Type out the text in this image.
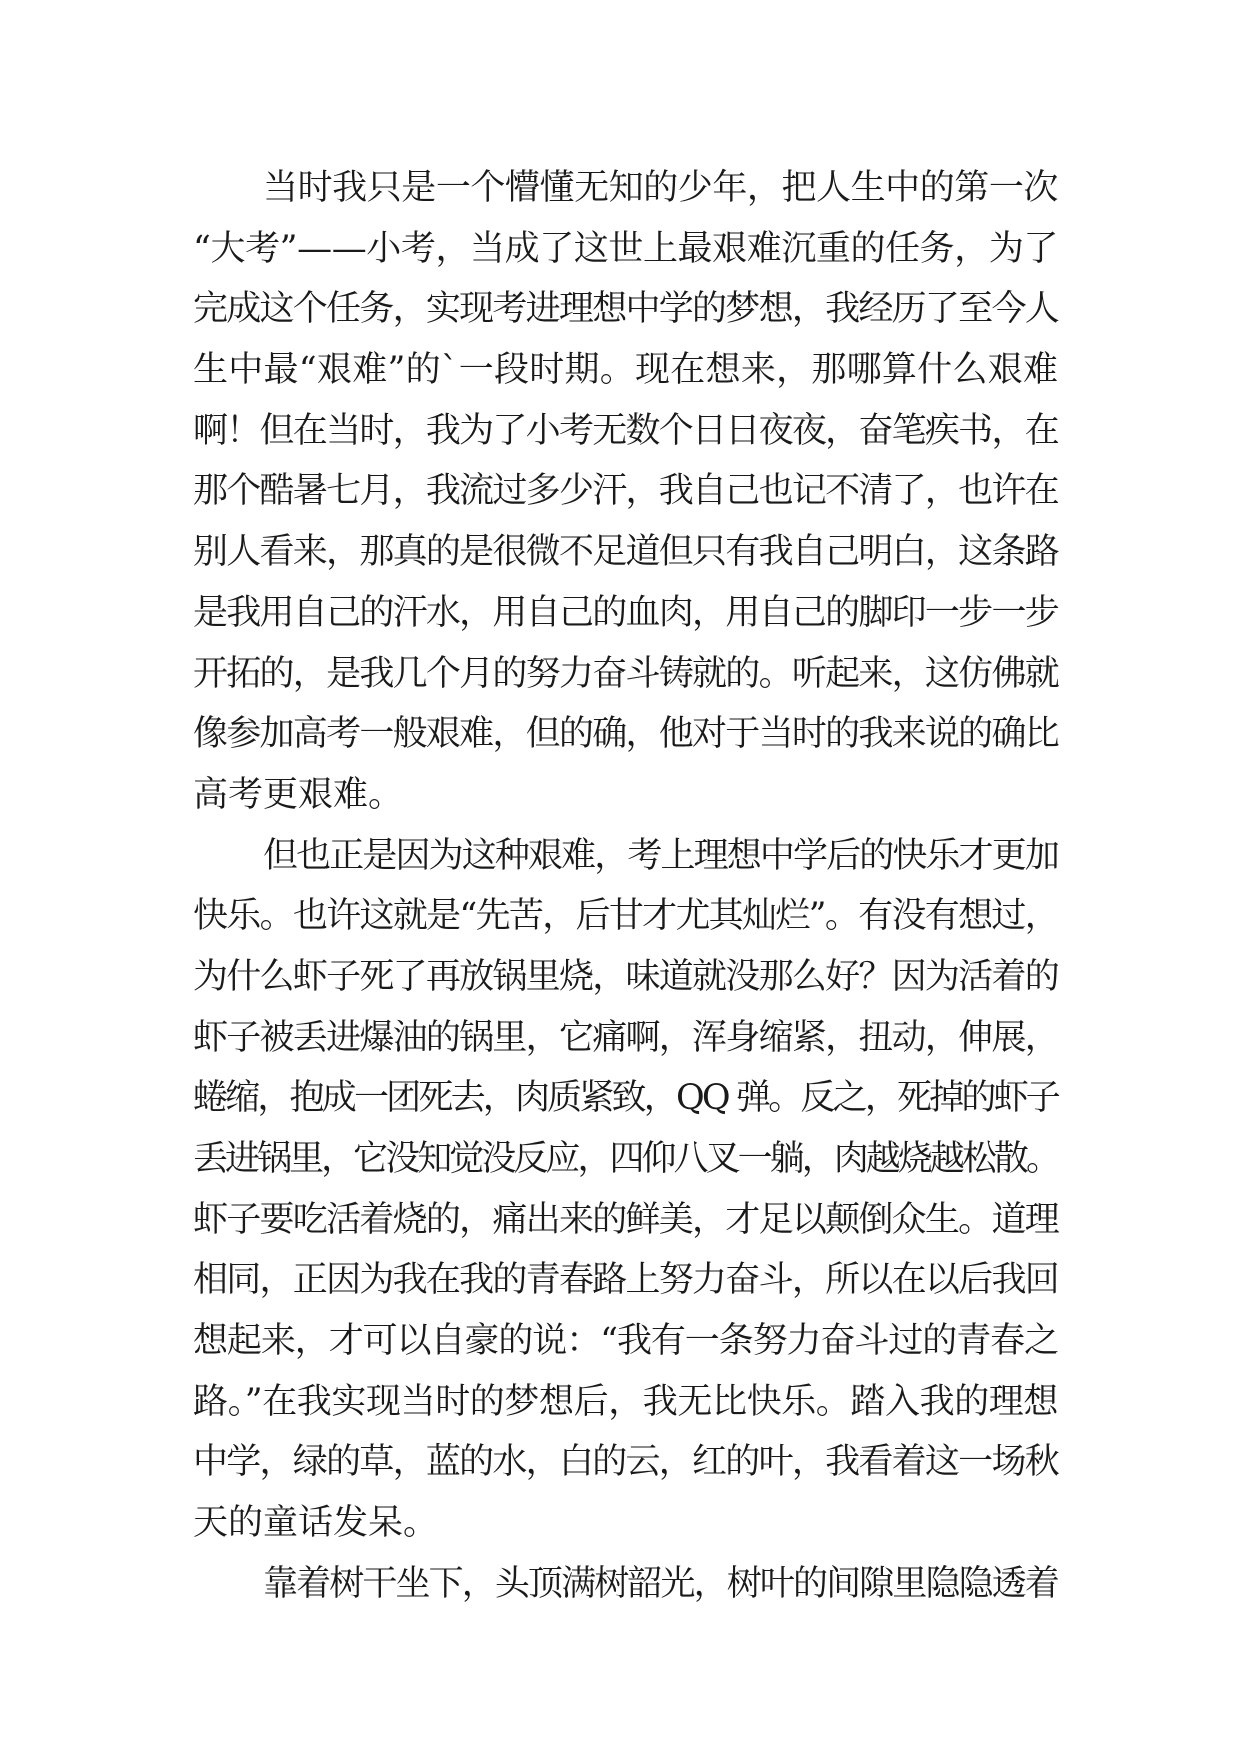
当时我只是一个懵懂无知的少年，把人生中的第一次
“大考”——小考，当成了这世上最艰难沉重的任务，为了
完成这个任务，实现考进理想中学的梦想，我经历了至今人
生中最“艰难”的`一段时期。现在想来，那哪算什么艰难
啊！但在当时，我为了小考无数个日日夜夜，奋笔疾书，在
那个酷暑七月，我流过多少汗，我自己也记不清了，也许在
别人看来，那真的是很微不足道但只有我自己明白，这条路
是我用自己的汗水，用自己的血肉，用自己的脚印一步一步
开拓的，是我几个月的努力奋斗铸就的。听起来，这仿佛就
像参加高考一般艰难，但的确，他对于当时的我来说的确比
高考更艰难。
但也正是因为这种艰难，考上理想中学后的快乐才更加
快乐。也许这就是“先苦，后甘才尤其灿烂”。有没有想过，
为什么虾子死了再放锅里烧，味道就没那么好？因为活着的
虾子被丢进爆油的锅里，它痛啊，浑身缩紧，扭动，伸展，
蜷缩，抱成一团死去，肉质紧致，QQ 弹。反之，死掉的虾子
丢进锅里，它没知觉没反应，四仰八叉一躺，肉越烧越松散。
虾子要吃活着烧的，痛出来的鲜美，才足以颠倒众生。道理
相同，正因为我在我的青春路上努力奋斗，所以在以后我回
想起来，才可以自豪的说：“我有一条努力奋斗过的青春之
路。”在我实现当时的梦想后，我无比快乐。踏入我的理想
中学，绿的草，蓝的水，白的云，红的叶，我看着这一场秋
天的童话发呆。
靠着树干坐下，头顶满树韶光，树叶的间隙里隐隐透着
